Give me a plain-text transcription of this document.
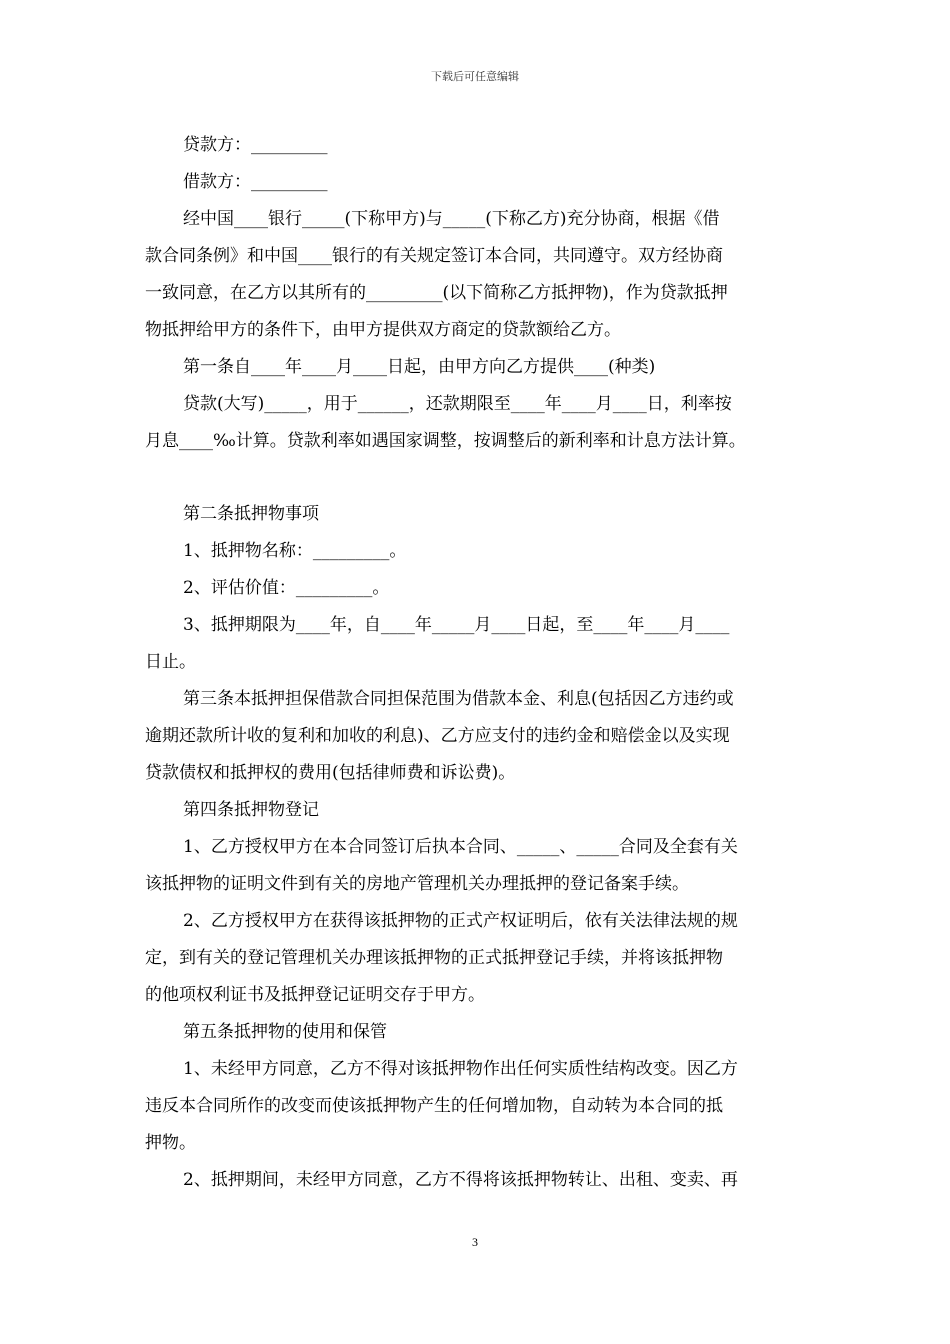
下载后可任意编辑

贷款方：_________

借款方：_________

经中国____银行_____(下称甲方)与_____(下称乙方)充分协商，根据《借

款合同条例》和中国____银行的有关规定签订本合同，共同遵守。双方经协商

一致同意，在乙方以其所有的_________(以下简称乙方抵押物)，作为贷款抵押

物抵押给甲方的条件下，由甲方提供双方商定的贷款额给乙方。

第一条自____年____月____日起，由甲方向乙方提供____(种类)

贷款(大写)_____，用于______，还款期限至____年____月____日，利率按

月息____‰计算。贷款利率如遇国家调整，按调整后的新利率和计息方法计算。

第二条抵押物事项

1、抵押物名称：_________。

2、评估价值：_________。

3、抵押期限为____年，自____年_____月____日起，至____年____月____

日止。

第三条本抵押担保借款合同担保范围为借款本金、利息(包括因乙方违约或

逾期还款所计收的复利和加收的利息)、乙方应支付的违约金和赔偿金以及实现

贷款债权和抵押权的费用(包括律师费和诉讼费)。

第四条抵押物登记

1、乙方授权甲方在本合同签订后执本合同、_____、_____合同及全套有关

该抵押物的证明文件到有关的房地产管理机关办理抵押的登记备案手续。

2、乙方授权甲方在获得该抵押物的正式产权证明后，依有关法律法规的规

定，到有关的登记管理机关办理该抵押物的正式抵押登记手续，并将该抵押物

的他项权利证书及抵押登记证明交存于甲方。

第五条抵押物的使用和保管

1、未经甲方同意，乙方不得对该抵押物作出任何实质性结构改变。因乙方

违反本合同所作的改变而使该抵押物产生的任何增加物，自动转为本合同的抵

押物。

2、抵押期间，未经甲方同意，乙方不得将该抵押物转让、出租、变卖、再

3
